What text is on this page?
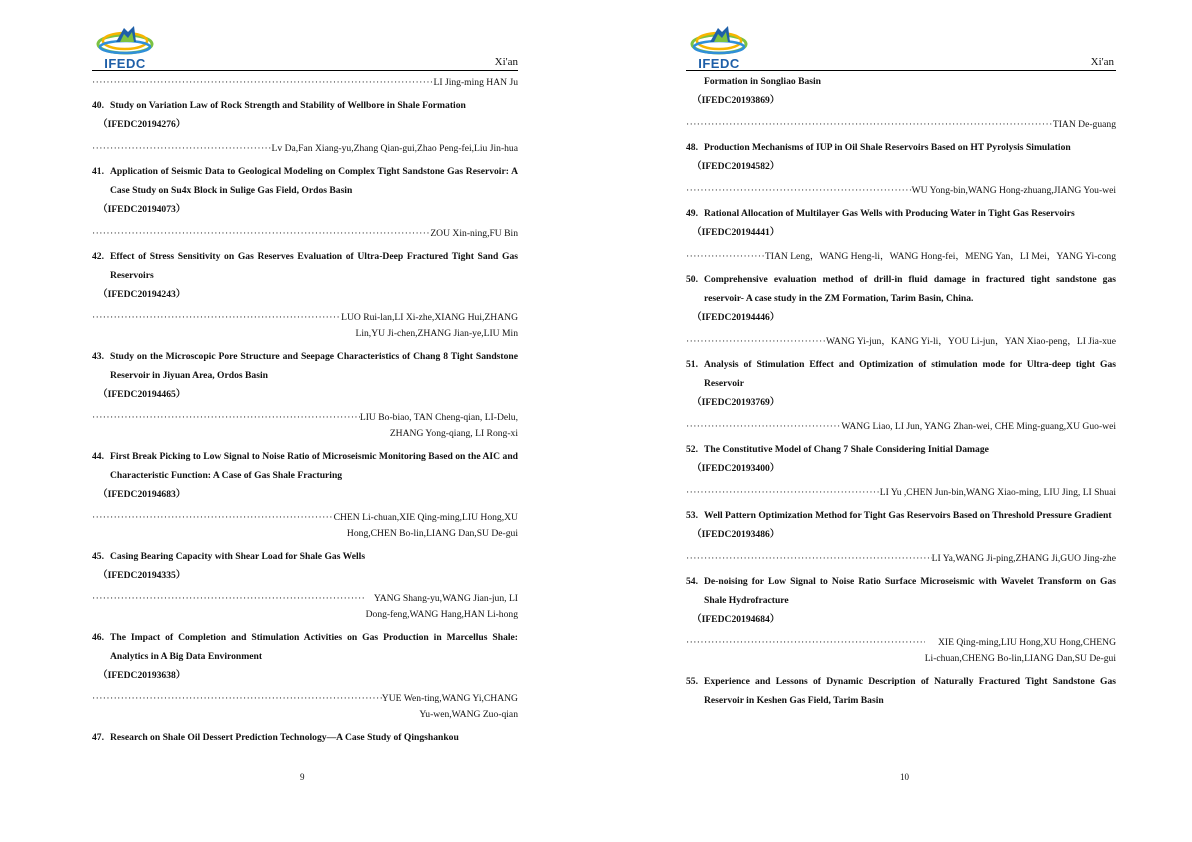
IFEDC	Xi'an
·····
LI Jing-ming HAN Ju
40. Study on Variation Law of Rock Strength and Stability of Wellbore in Shale Formation
（IFEDC20194276）
·····
Lv Da,Fan Xiang-yu,Zhang Qian-gui,Zhao Peng-fei,Liu Jin-hua
41. Application of Seismic Data to Geological Modeling on Complex Tight Sandstone Gas Reservoir: A Case Study on Su4x Block in Sulige Gas Field, Ordos Basin
（IFEDC20194073）
·····
ZOU Xin-ning,FU Bin
42. Effect of Stress Sensitivity on Gas Reserves Evaluation of Ultra-Deep Fractured Tight Sand Gas Reservoirs
（IFEDC20194243）
·····
LUO Rui-lan,LI Xi-zhe,XIANG Hui,ZHANG
Lin,YU Ji-chen,ZHANG Jian-ye,LIU Min
43. Study on the Microscopic Pore Structure and Seepage Characteristics of Chang 8 Tight Sandstone Reservoir in Jiyuan Area, Ordos Basin
（IFEDC20194465）
·····
LIU Bo-biao, TAN Cheng-qian, LI-Delu,
ZHANG Yong-qiang, LI Rong-xi
44. First Break Picking to Low Signal to Noise Ratio of Microseismic Monitoring Based on the AIC and Characteristic Function: A Case of Gas Shale Fracturing
（IFEDC20194683）
·····
CHEN Li-chuan,XIE Qing-ming,LIU Hong,XU
Hong,CHEN Bo-lin,LIANG Dan,SU De-gui
45. Casing Bearing Capacity with Shear Load for Shale Gas Wells
（IFEDC20194335）
·····
YANG Shang-yu,WANG Jian-jun, LI
Dong-feng,WANG Hang,HAN Li-hong
46. The Impact of Completion and Stimulation Activities on Gas Production in Marcellus Shale: Analytics in A Big Data Environment
（IFEDC20193638）
·····
YUE Wen-ting,WANG Yi,CHANG
Yu-wen,WANG Zuo-qian
47. Research on Shale Oil Dessert Prediction Technology—A Case Study of Qingshankou
9
IFEDC	Xi'an
Formation in Songliao Basin
（IFEDC20193869）
·····
TIAN De-guang
48. Production Mechanisms of IUP in Oil Shale Reservoirs Based on HT Pyrolysis Simulation
（IFEDC20194582）
·····
WU Yong-bin,WANG Hong-zhuang,JIANG You-wei
49. Rational Allocation of Multilayer Gas Wells with Producing Water in Tight Gas Reservoirs
（IFEDC20194441）
·····
TIAN Leng，WANG Heng-li，WANG Hong-fei，MENG Yan，LI Mei，YANG Yi-cong
50. Comprehensive evaluation method of drill-in fluid damage in fractured tight sandstone gas reservoir- A case study in the ZM Formation, Tarim Basin, China.
（IFEDC20194446）
·····
WANG Yi-jun，KANG Yi-li，YOU Li-jun，YAN Xiao-peng，LI Jia-xue
51. Analysis of Stimulation Effect and Optimization of stimulation mode for Ultra-deep tight Gas Reservoir
（IFEDC20193769）
·····
WANG Liao, LI Jun, YANG Zhan-wei, CHE Ming-guang,XU Guo-wei
52. The Constitutive Model of Chang 7 Shale Considering Initial Damage
（IFEDC20193400）
·····
LI Yu ,CHEN Jun-bin,WANG Xiao-ming, LIU Jing, LI Shuai
53. Well Pattern Optimization Method for Tight Gas Reservoirs Based on Threshold Pressure Gradient
（IFEDC20193486）
·····
LI Ya,WANG Ji-ping,ZHANG Ji,GUO Jing-zhe
54. De-noising for Low Signal to Noise Ratio Surface Microseismic with Wavelet Transform on Gas Shale Hydrofracture
（IFEDC20194684）
·····
XIE Qing-ming,LIU Hong,XU Hong,CHENG
Li-chuan,CHENG Bo-lin,LIANG Dan,SU De-gui
55. Experience and Lessons of Dynamic Description of Naturally Fractured Tight Sandstone Gas Reservoir in Keshen Gas Field, Tarim Basin
10
